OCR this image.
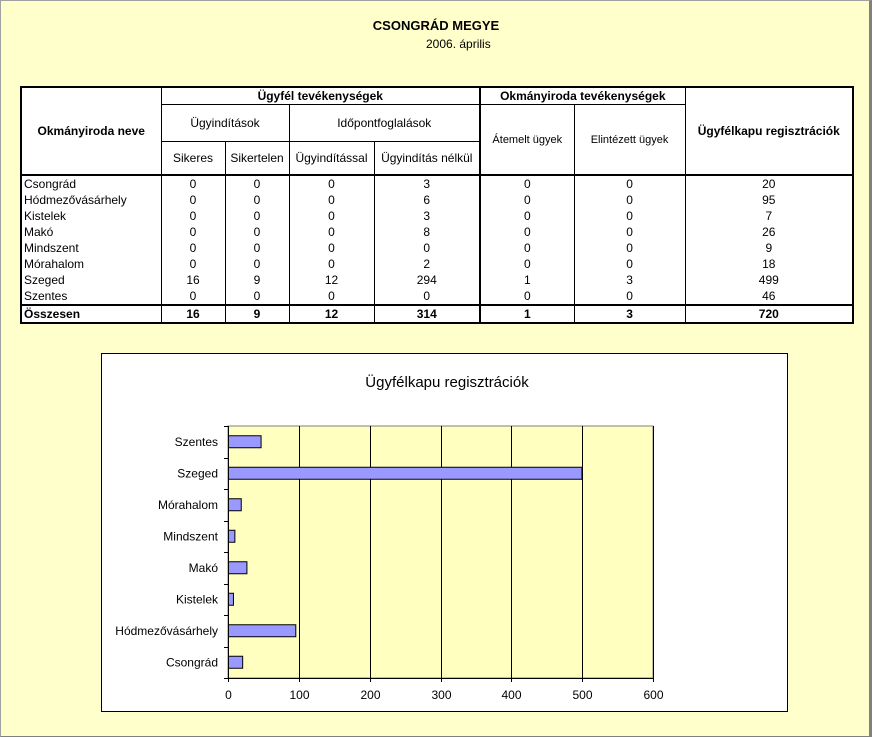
CSONGRÁD MEGYE
2006. április
Okmányiroda neve	Ügyfél tevékenységek				Okmányiroda tevékenységek		Ügyfélkapu regisztrációk
	Ügyindítások		Időpontfoglalások		Átemelt ügyek	Elintézett ügyek	
	Sikeres	Sikertelen	Ügyindítással	Ügyindítás nélkül			
Csongrád	0	0	0	3	0	0	20
Hódmezővásárhely	0	0	0	6	0	0	95
Kistelek	0	0	0	3	0	0	7
Makó	0	0	0	8	0	0	26
Mindszent	0	0	0	0	0	0	9
Mórahalom	0	0	0	2	0	0	18
Szeged	16	9	12	294	1	3	499
Szentes	0	0	0	0	0	0	46
Összesen	16	9	12	314	1	3	720
Ügyfélkapu regisztrációk
0	100	200	300	400	500	600
Csongrád
Hódmezővásárhely
Kistelek
Makó
Mindszent
Mórahalom
Szeged
Szentes
